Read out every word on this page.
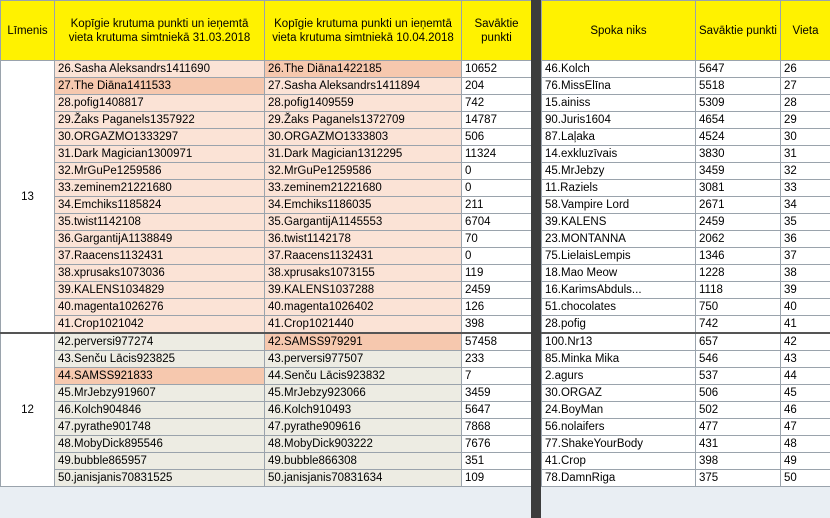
Līmenis	Kopīgie krutuma punkti un ieņemtā vieta krutuma simtniekā 31.03.2018	Kopīgie krutuma punkti un ieņemtā vieta krutuma simtniekā 10.04.2018	Savāktie punkti
13	26.Sasha Aleksandrs1411690	26.The Diāna1422185	10652
	27.The Diāna1411533	27.Sasha Aleksandrs1411894	204
	28.pofig1408817	28.pofig1409559	742
	29.Žaks Paganels1357922	29.Žaks Paganels1372709	14787
	30.ORGAZMO1333297	30.ORGAZMO1333803	506
	31.Dark Magician1300971	31.Dark Magician1312295	11324
	32.MrGuPe1259586	32.MrGuPe1259586	0
	33.zeminem21221680	33.zeminem21221680	0
	34.Emchiks1185824	34.Emchiks1186035	211
	35.twist1142108	35.GargantijA1145553	6704
	36.GargantijA1138849	36.twist1142178	70
	37.Raacens1132431	37.Raacens1132431	0
	38.xprusaks1073036	38.xprusaks1073155	119
	39.KALENS1034829	39.KALENS1037288	2459
	40.magenta1026276	40.magenta1026402	126
	41.Crop1021042	41.Crop1021440	398
12	42.perversi977274	42.SAMSS979291	57458
	43.Senču Lācis923825	43.perversi977507	233
	44.SAMSS921833	44.Senču Lācis923832	7
	45.MrJebzy919607	45.MrJebzy923066	3459
	46.Kolch904846	46.Kolch910493	5647
	47.pyrathe901748	47.pyrathe909616	7868
	48.MobyDick895546	48.MobyDick903222	7676
	49.bubble865957	49.bubble866308	351
	50.janisjanis70831525	50.janisjanis70831634	109
Spoka niks	Savāktie punkti	Vieta
46.Kolch	5647	26
76.MissElīna	5518	27
15.ainiss	5309	28
90.Juris1604	4654	29
87.Laļaka	4524	30
14.exkluzīvais	3830	31
45.MrJebzy	3459	32
11.Raziels	3081	33
58.Vampire Lord	2671	34
39.KALENS	2459	35
23.MONTANNA	2062	36
75.LielaisLempis	1346	37
18.Mao Meow	1228	38
16.KarimsAbduls...	1118	39
51.chocolates	750	40
28.pofig	742	41
100.Nr13	657	42
85.Minka Mika	546	43
2.agurs	537	44
30.ORGAZ	506	45
24.BoyMan	502	46
56.nolaifers	477	47
77.ShakeYourBody	431	48
41.Crop	398	49
78.DamnRiga	375	50
